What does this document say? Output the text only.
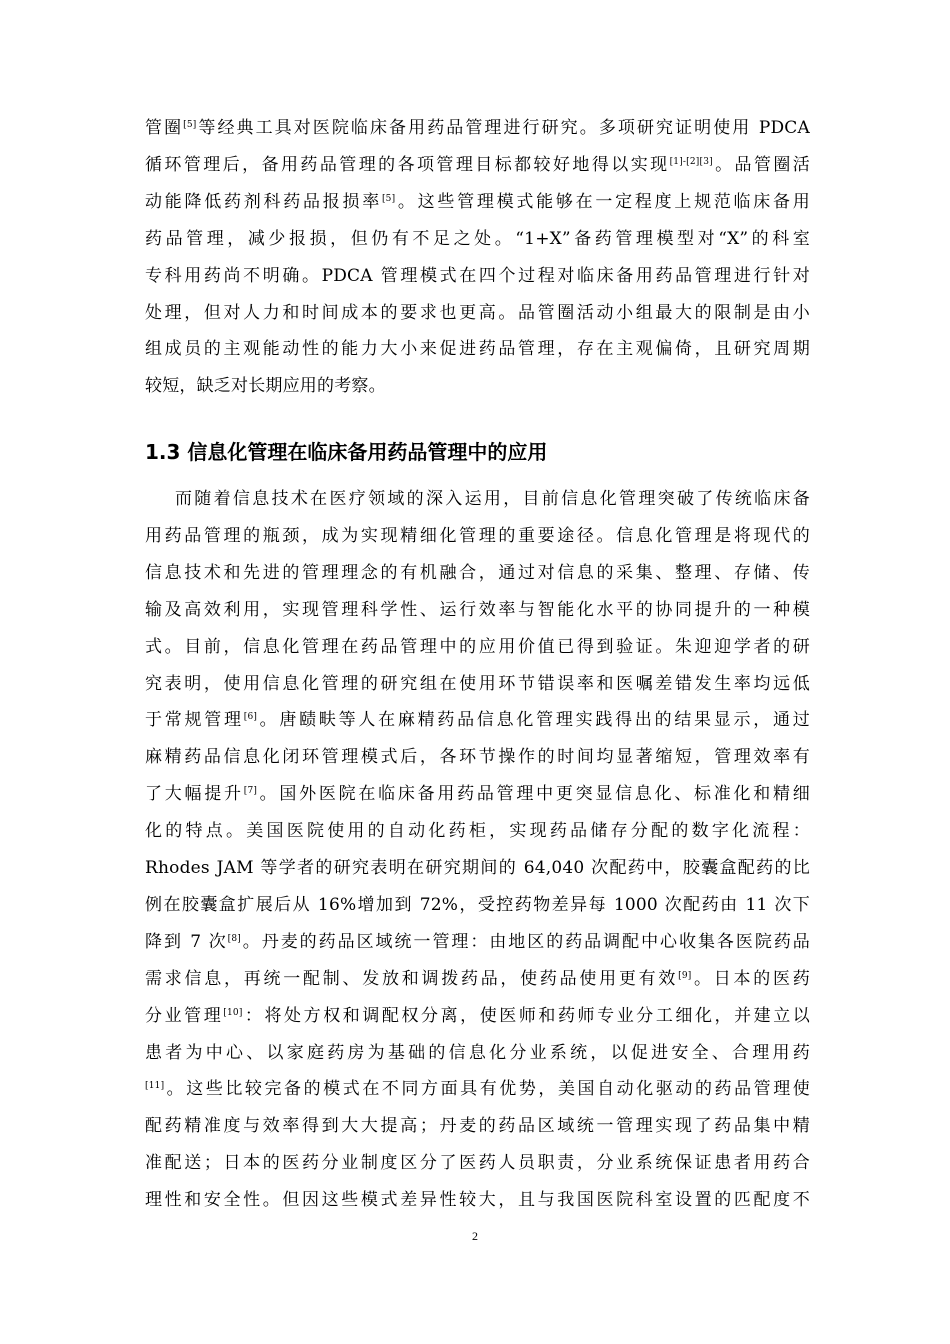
管圈[5]等经典工具对医院临床备用药品管理进行研究。多项研究证明使用 PDCA
循环管理后，备用药品管理的各项管理目标都较好地得以实现[1]-[2][3]。品管圈活
动能降低药剂科药品报损率[5]。这些管理模式能够在一定程度上规范临床备用
药品管理，减少报损，但仍有不足之处。“1+X”备药管理模型对“X”的科室
专科用药尚不明确。PDCA 管理模式在四个过程对临床备用药品管理进行针对
处理，但对人力和时间成本的要求也更高。品管圈活动小组最大的限制是由小
组成员的主观能动性的能力大小来促进药品管理，存在主观偏倚，且研究周期
较短，缺乏对长期应用的考察。
1.3 信息化管理在临床备用药品管理中的应用
而随着信息技术在医疗领域的深入运用，目前信息化管理突破了传统临床备
用药品管理的瓶颈，成为实现精细化管理的重要途径。信息化管理是将现代的
信息技术和先进的管理理念的有机融合，通过对信息的采集、整理、存储、传
输及高效利用，实现管理科学性、运行效率与智能化水平的协同提升的一种模
式。目前，信息化管理在药品管理中的应用价值已得到验证。朱迎迎学者的研
究表明，使用信息化管理的研究组在使用环节错误率和医嘱差错发生率均远低
于常规管理[6]。唐赜畉等人在麻精药品信息化管理实践得出的结果显示，通过
麻精药品信息化闭环管理模式后，各环节操作的时间均显著缩短，管理效率有
了大幅提升[7]。国外医院在临床备用药品管理中更突显信息化、标准化和精细
化的特点。美国医院使用的自动化药柜，实现药品储存分配的数字化流程：
Rhodes JAM 等学者的研究表明在研究期间的 64,040 次配药中，胶囊盒配药的比
例在胶囊盒扩展后从 16%增加到 72%，受控药物差异每 1000 次配药由 11 次下
降到 7 次[8]。丹麦的药品区域统一管理：由地区的药品调配中心收集各医院药品
需求信息，再统一配制、发放和调拨药品，使药品使用更有效[9]。日本的医药
分业管理[10]：将处方权和调配权分离，使医师和药师专业分工细化，并建立以
患者为中心、以家庭药房为基础的信息化分业系统，以促进安全、合理用药
[11]。这些比较完备的模式在不同方面具有优势，美国自动化驱动的药品管理使
配药精准度与效率得到大大提高；丹麦的药品区域统一管理实现了药品集中精
准配送；日本的医药分业制度区分了医药人员职责，分业系统保证患者用药合
理性和安全性。但因这些模式差异性较大，且与我国医院科室设置的匹配度不
2
